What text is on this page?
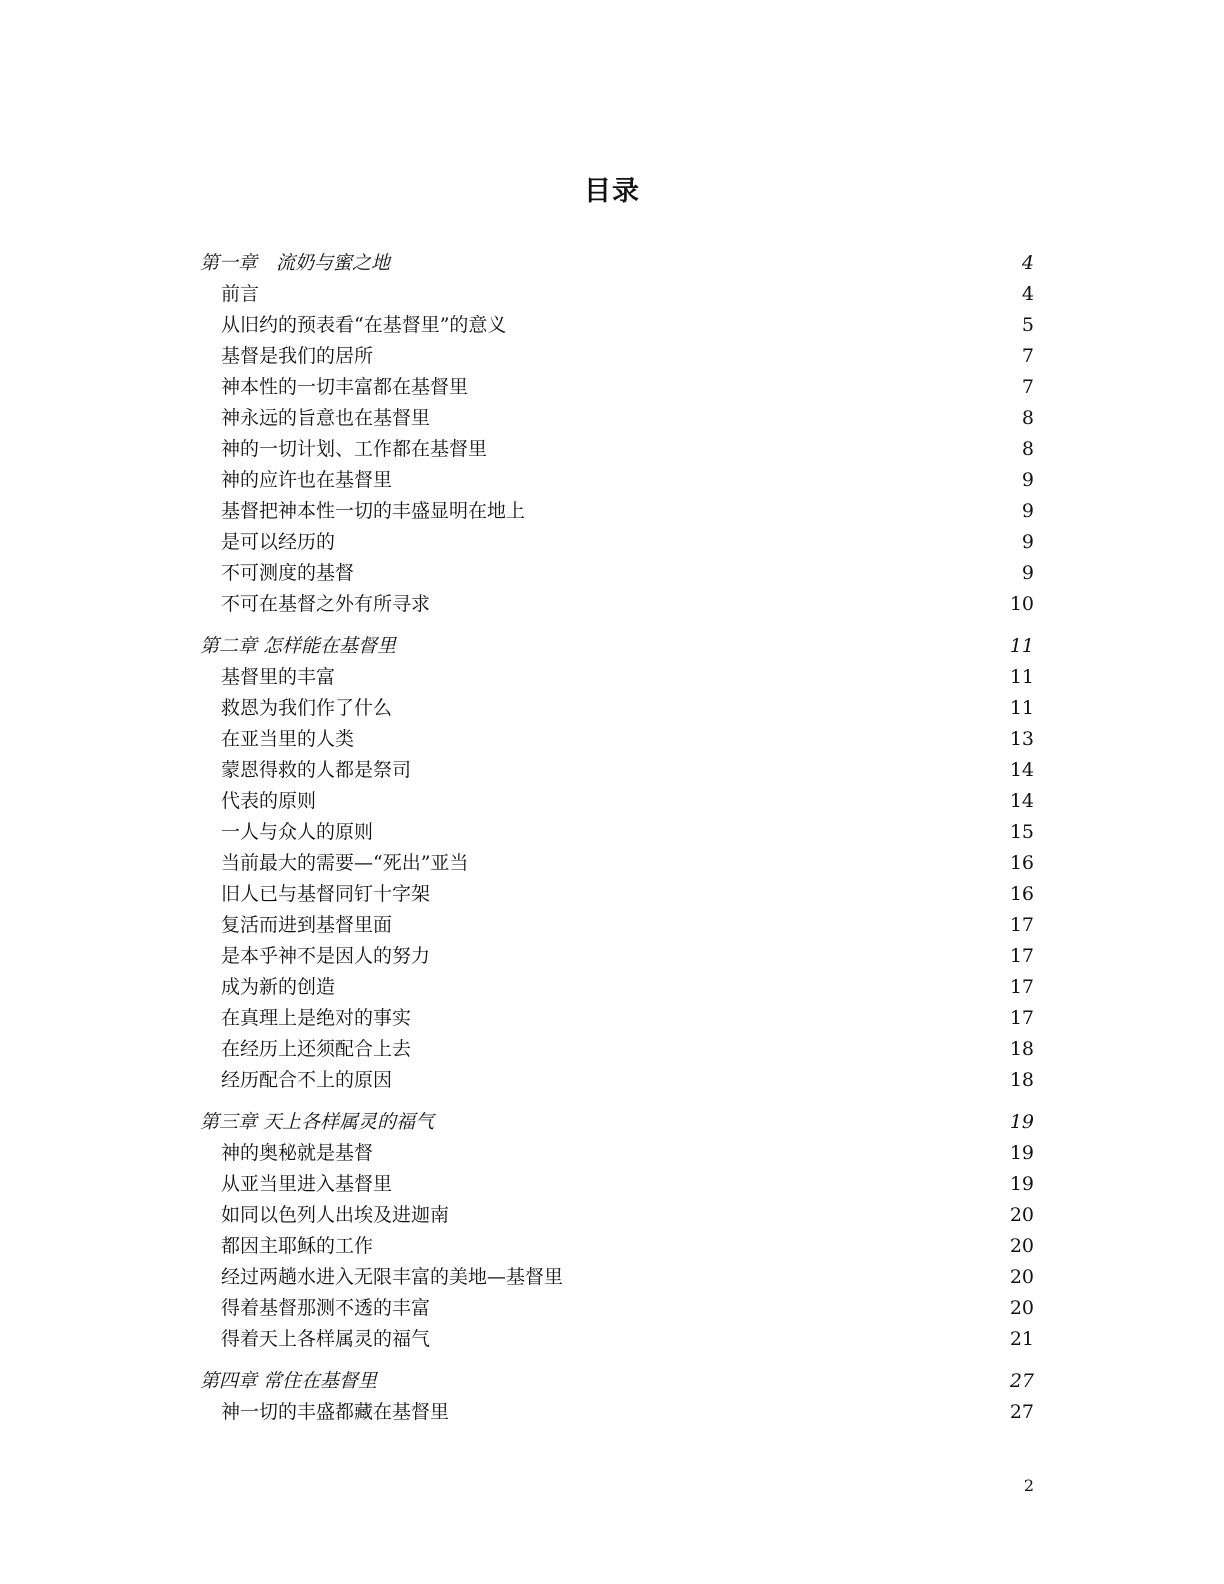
目录
第一章　流奶与蜜之地	4
前言	4
从旧约的预表看“在基督里”的意义	5
基督是我们的居所	7
神本性的一切丰富都在基督里	7
神永远的旨意也在基督里	8
神的一切计划、工作都在基督里	8
神的应许也在基督里	9
基督把神本性一切的丰盛显明在地上	9
是可以经历的	9
不可测度的基督	9
不可在基督之外有所寻求	10
第二章 怎样能在基督里	11
基督里的丰富	11
救恩为我们作了什么	11
在亚当里的人类	13
蒙恩得救的人都是祭司	14
代表的原则	14
一人与众人的原则	15
当前最大的需要—“死出”亚当	16
旧人已与基督同钉十字架	16
复活而进到基督里面	17
是本乎神不是因人的努力	17
成为新的创造	17
在真理上是绝对的事实	17
在经历上还须配合上去	18
经历配合不上的原因	18
第三章 天上各样属灵的福气	19
神的奥秘就是基督	19
从亚当里进入基督里	19
如同以色列人出埃及进迦南	20
都因主耶稣的工作	20
经过两趟水进入无限丰富的美地—基督里	20
得着基督那测不透的丰富	20
得着天上各样属灵的福气	21
第四章 常住在基督里	27
神一切的丰盛都藏在基督里	27
2
